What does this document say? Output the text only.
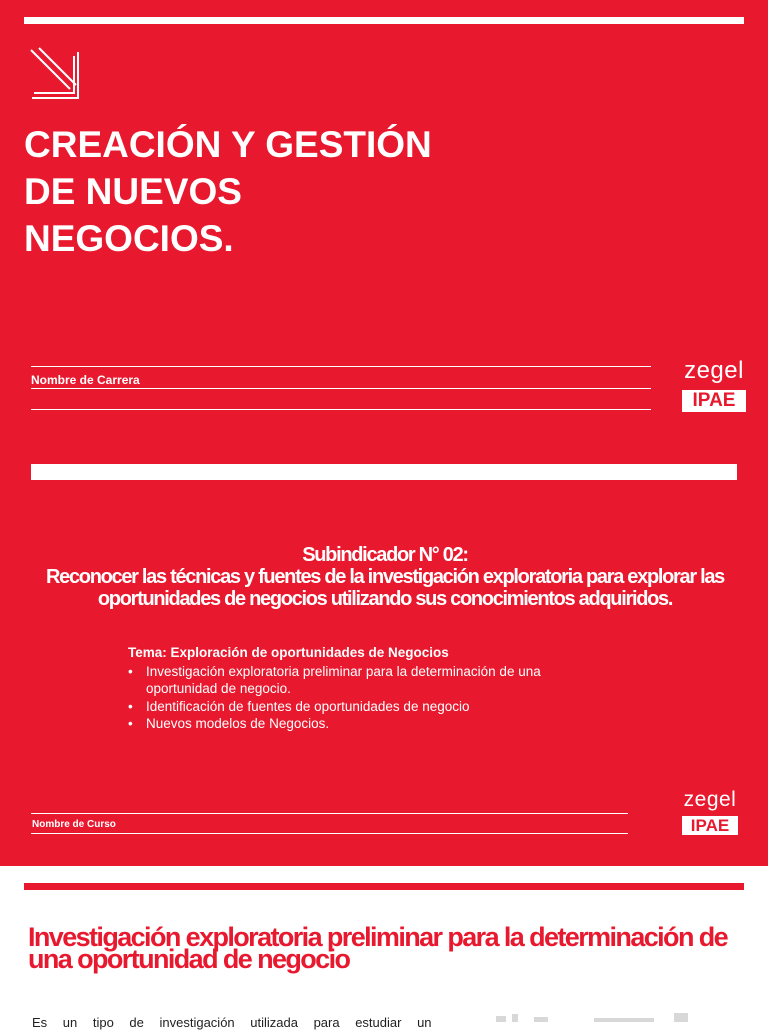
CREACIÓN Y GESTIÓN
DE NUEVOS
NEGOCIOS.
Nombre de Carrera	zegel
IPAE

Subindicador N° 02:
Reconocer las técnicas y fuentes de la investigación exploratoria para explorar las oportunidades de negocios utilizando sus conocimientos adquiridos.

Tema: Exploración de oportunidades de Negocios

• Investigación exploratoria preliminar para la determinación de una oportunidad de negocio.
• Identificación de fuentes de oportunidades de negocio
• Nuevos modelos de Negocios.
Nombre de Curso
zegel
IPAE
Investigación exploratoria preliminar para la determinación de una oportunidad de negocio

Es un tipo de investigación utilizada para estudiar un
